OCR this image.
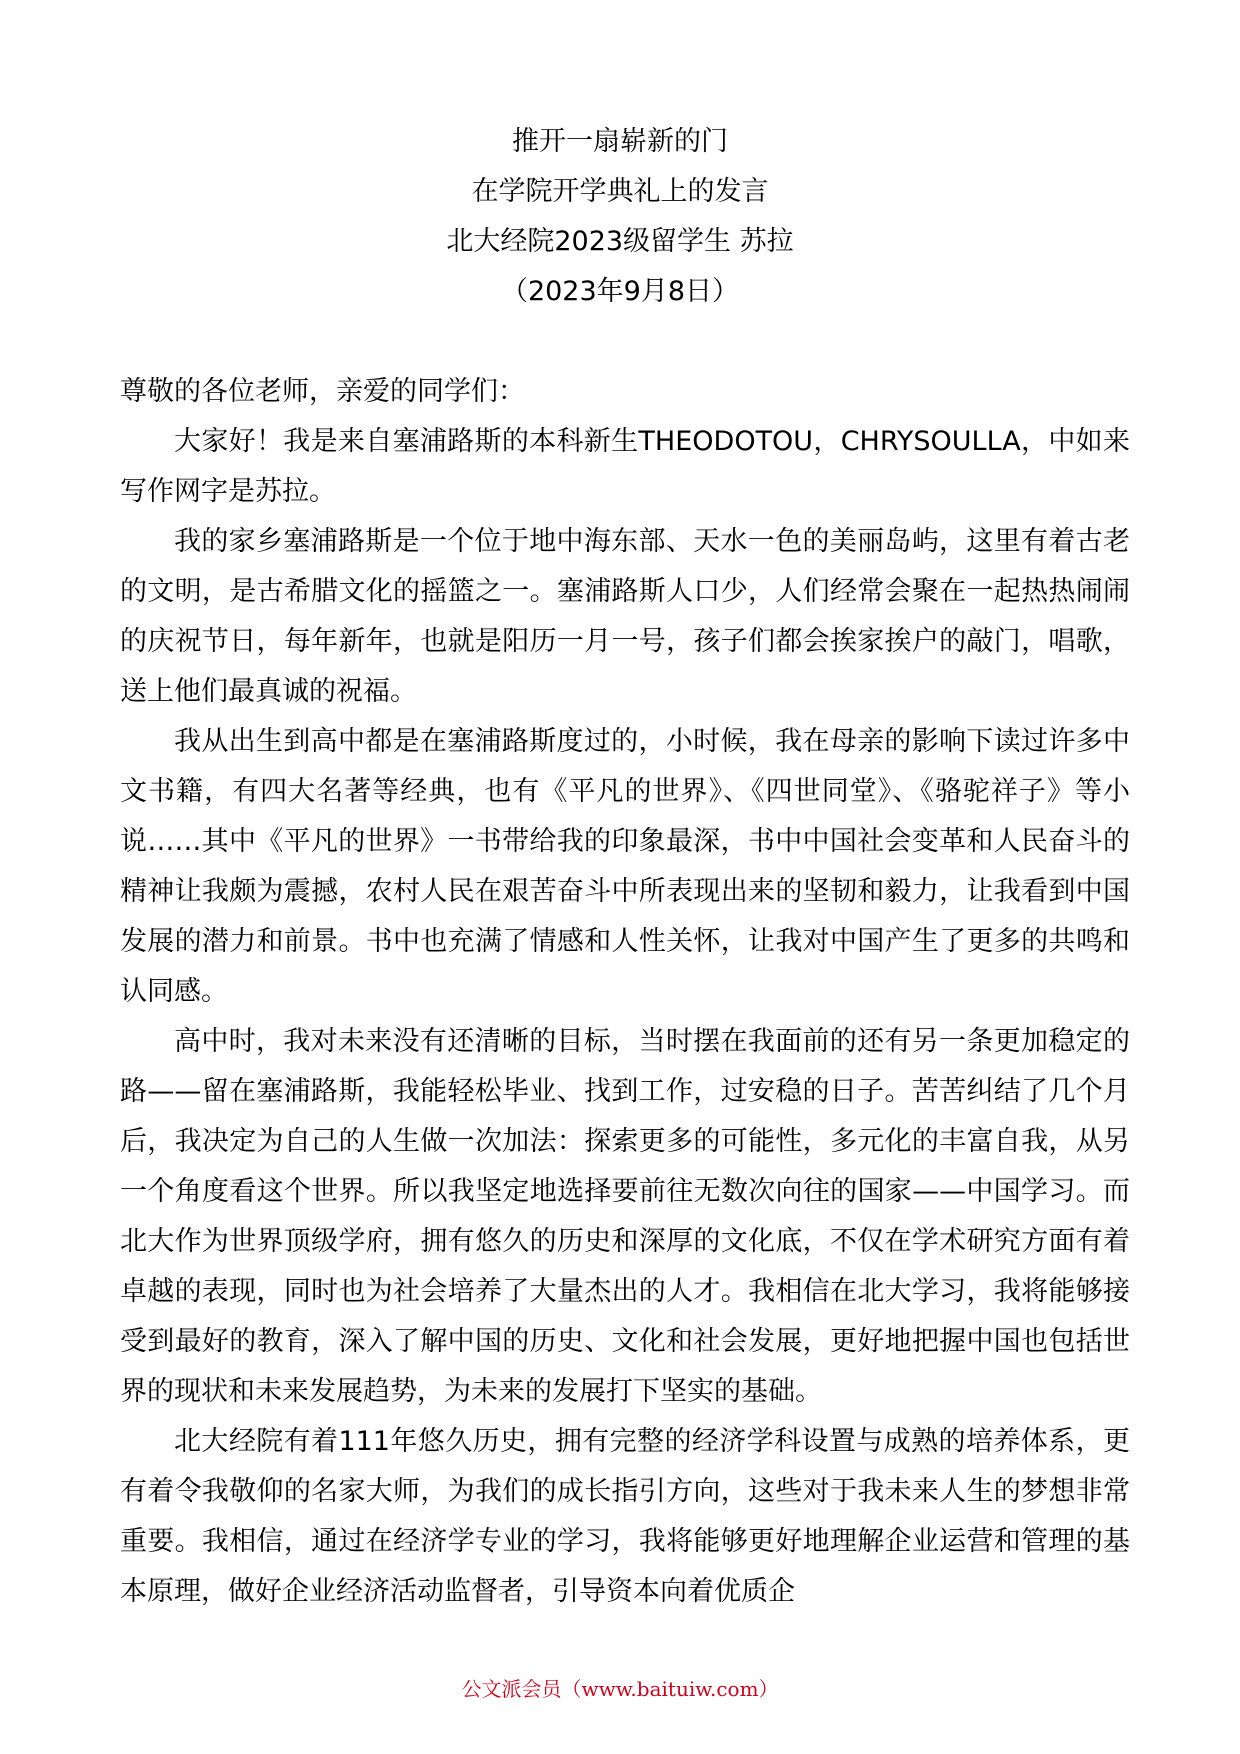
推开一扇崭新的门
在学院开学典礼上的发言
北大经院2023级留学生 苏拉
（2023年9月8日）

尊敬的各位老师，亲爱的同学们：

大家好！我是来自塞浦路斯的本科新生THEODOTOU，CHRYSOULLA，中如来写作网字是苏拉。

我的家乡塞浦路斯是一个位于地中海东部、天水一色的美丽岛屿，这里有着古老的文明，是古希腊文化的摇篮之一。塞浦路斯人口少，人们经常会聚在一起热热闹闹的庆祝节日，每年新年，也就是阳历一月一号，孩子们都会挨家挨户的敲门，唱歌，送上他们最真诚的祝福。

我从出生到高中都是在塞浦路斯度过的，小时候，我在母亲的影响下读过许多中文书籍，有四大名著等经典，也有《平凡的世界》、《四世同堂》、《骆驼祥子》等小说……其中《平凡的世界》一书带给我的印象最深，书中中国社会变革和人民奋斗的精神让我颇为震撼，农村人民在艰苦奋斗中所表现出来的坚韧和毅力，让我看到中国发展的潜力和前景。书中也充满了情感和人性关怀，让我对中国产生了更多的共鸣和认同感。

高中时，我对未来没有还清晰的目标，当时摆在我面前的还有另一条更加稳定的路——留在塞浦路斯，我能轻松毕业、找到工作，过安稳的日子。苦苦纠结了几个月后，我决定为自己的人生做一次加法：探索更多的可能性，多元化的丰富自我，从另一个角度看这个世界。所以我坚定地选择要前往无数次向往的国家——中国学习。而北大作为世界顶级学府，拥有悠久的历史和深厚的文化底，不仅在学术研究方面有着卓越的表现，同时也为社会培养了大量杰出的人才。我相信在北大学习，我将能够接受到最好的教育，深入了解中国的历史、文化和社会发展，更好地把握中国也包括世界的现状和未来发展趋势，为未来的发展打下坚实的基础。

北大经院有着111年悠久历史，拥有完整的经济学科设置与成熟的培养体系，更有着令我敬仰的名家大师，为我们的成长指引方向，这些对于我未来人生的梦想非常重要。我相信，通过在经济学专业的学习，我将能够更好地理解企业运营和管理的基本原理，做好企业经济活动监督者，引导资本向着优质企

公文派会员（www.baituiw.com）
